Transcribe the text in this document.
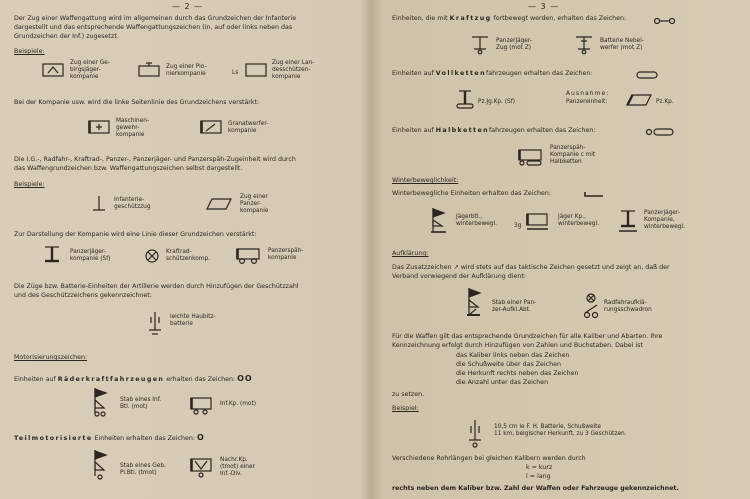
— 2 —
Der Zug einer Waffengattung wird im allgemeinen durch das Grundzeichen der Infanterie
dargestellt und das entsprechende Waffengattungszeichen (in, auf oder links neben das
Grundzeichen der Inf.) zugesetzt.
Beispiele:
Zug einer Ge-
birgsjäger-
kompanie
Zug einer Pio-
nierkompanie	Ls
Zug einer Lan-
desschützen-
kompanie
Bei der Kompanie usw. wird die linke Seitenlinie des Grundzeichens verstärkt:
Maschinen-
gewehr-
kompanie
Granatwerfer-
kompanie
Die I.G.-, Radfahr-, Kraftrad-, Panzer-, Panzerjäger- und Panzerspäh-Zugeinheit wird durch
das Waffengrundzeichen bzw. Waffengattungszeichen selbst dargestellt.
Beispiele:
Infanterie-
geschützzug
Zug einer
Panzer-
kompanie
Zur Darstellung der Kompanie wird eine Linie dieser Grundzeichen verstärkt:
Panzerjäger-
kompanie (Sf)
Kraftrad-
schützenkomp.
Panzerspäh-
kompanie
Die Züge bzw. Batterie-Einheiten der Artillerie werden durch Hinzufügen der Geschützzahl
und des Geschützzeichens gekennzeichnet:
leichte Haubitz-
batterie
Motorisierungszeichen:
Einheiten auf Räderkraftfahrzeugen erhalten das Zeichen: OO
Stab eines Inf.
Btl. (mot)	Inf.Kp. (mot)
Teilmotorisierte Einheiten erhalten das Zeichen: O
Stab eines Geb.
Pi.Btl. (tmot)
Nachr.Kp.
(tmot) einer
Inf.-Div.
— 3 —
Einheiten, die mit Kraftzug fortbewegt werden, erhalten das Zeichen:
Panzerjäger-
Zug (mot Z)
Batterie Nebel-
werfer (mot Z)
Einheiten auf Vollkettenfahrzeugen erhalten das Zeichen:
Pz.Jg.Kp. (Sf)
Ausnahme:
Panzereinheit:	Pz.Kp.
Einheiten auf Halbkettenfahrzeugen erhalten das Zeichen:
Panzerspäh-
Kompanie c mit
Halbketten
Winterbeweglichkeit:
Winterbewegliche Einheiten erhalten das Zeichen:
Jägerbtl.,
winterbewegl.	3g
Jäger Kp.,
winterbewegl.
Panzerjäger-
Kompanie,
winterbewegl.
Aufklärung:
Das Zusatzzeichen ↗ wird stets auf das taktische Zeichen gesetzt und zeigt an, daß der
Verband vorwiegend der Aufklärung dient:
Stab einer Pan-
zer-Aufkl.Abt.
Radfahraufklä-
rungsschwadron
Für die Waffen gilt das entsprechende Grundzeichen für alle Kaliber und Abarten. Ihre
Kennzeichnung erfolgt durch Hinzufügen von Zahlen und Buchstaben. Dabei ist
das Kaliber links neben das Zeichen
die Schußweite über das Zeichen
die Herkunft rechts neben das Zeichen
die Anzahl unter das Zeichen
zu setzen.
Beispiel:
10,5 cm le F. H. Batterie, Schußweite
11 km, belgischer Herkunft, zu 3 Geschützen.
Verschiedene Rohrlängen bei gleichen Kalibern werden durch
k = kurz
l = lang
rechts neben dem Kaliber bzw. Zahl der Waffen oder Fahrzeuge gekennzeichnet.
